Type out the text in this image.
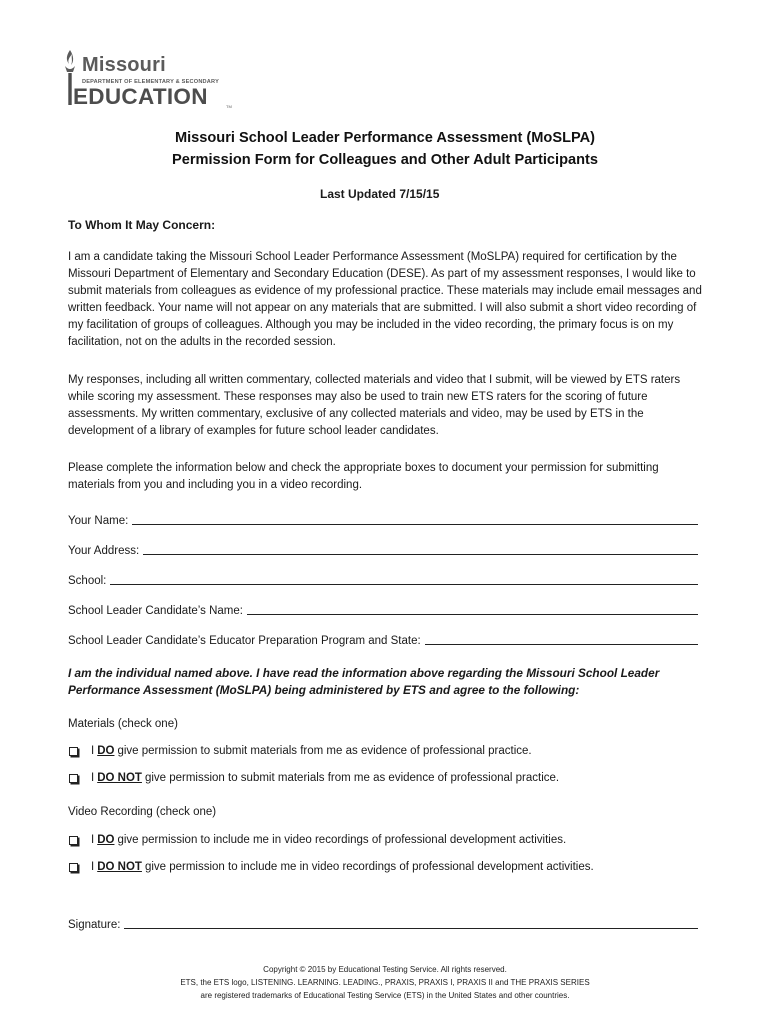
Missouri
DEPARTMENT OF ELEMENTARY & SECONDARY
EDUCATION	TM
Missouri School Leader Performance Assessment (MoSLPA)
Permission Form for Colleagues and Other Adult Participants
Last Updated 7/15/15
To Whom It May Concern:
I am a candidate taking the Missouri School Leader Performance Assessment (MoSLPA) required for certification by the Missouri Department of Elementary and Secondary Education (DESE). As part of my assessment responses, I would like to submit materials from colleagues as evidence of my professional practice. These materials may include email messages and written feedback. Your name will not appear on any materials that are submitted. I will also submit a short video recording of my facilitation of groups of colleagues. Although you may be included in the video recording, the primary focus is on my facilitation, not on the adults in the recorded session.
My responses, including all written commentary, collected materials and video that I submit, will be viewed by ETS raters while scoring my assessment. These responses may also be used to train new ETS raters for the scoring of future assessments. My written commentary, exclusive of any collected materials and video, may be used by ETS in the development of a library of examples for future school leader candidates.
Please complete the information below and check the appropriate boxes to document your permission for submitting materials from you and including you in a video recording.
Your Name:
Your Address:
School:
School Leader Candidate’s Name:
School Leader Candidate’s Educator Preparation Program and State:
I am the individual named above. I have read the information above regarding the Missouri School Leader Performance Assessment (MoSLPA) being administered by ETS and agree to the following:
Materials (check one)
I DO give permission to submit materials from me as evidence of professional practice.
I DO NOT give permission to submit materials from me as evidence of professional practice.
Video Recording (check one)
I DO give permission to include me in video recordings of professional development activities.
I DO NOT give permission to include me in video recordings of professional development activities.
Signature:
Copyright © 2015 by Educational Testing Service. All rights reserved.
ETS, the ETS logo, LISTENING. LEARNING. LEADING., PRAXIS, PRAXIS I, PRAXIS II and THE PRAXIS SERIES
are registered trademarks of Educational Testing Service (ETS) in the United States and other countries.
